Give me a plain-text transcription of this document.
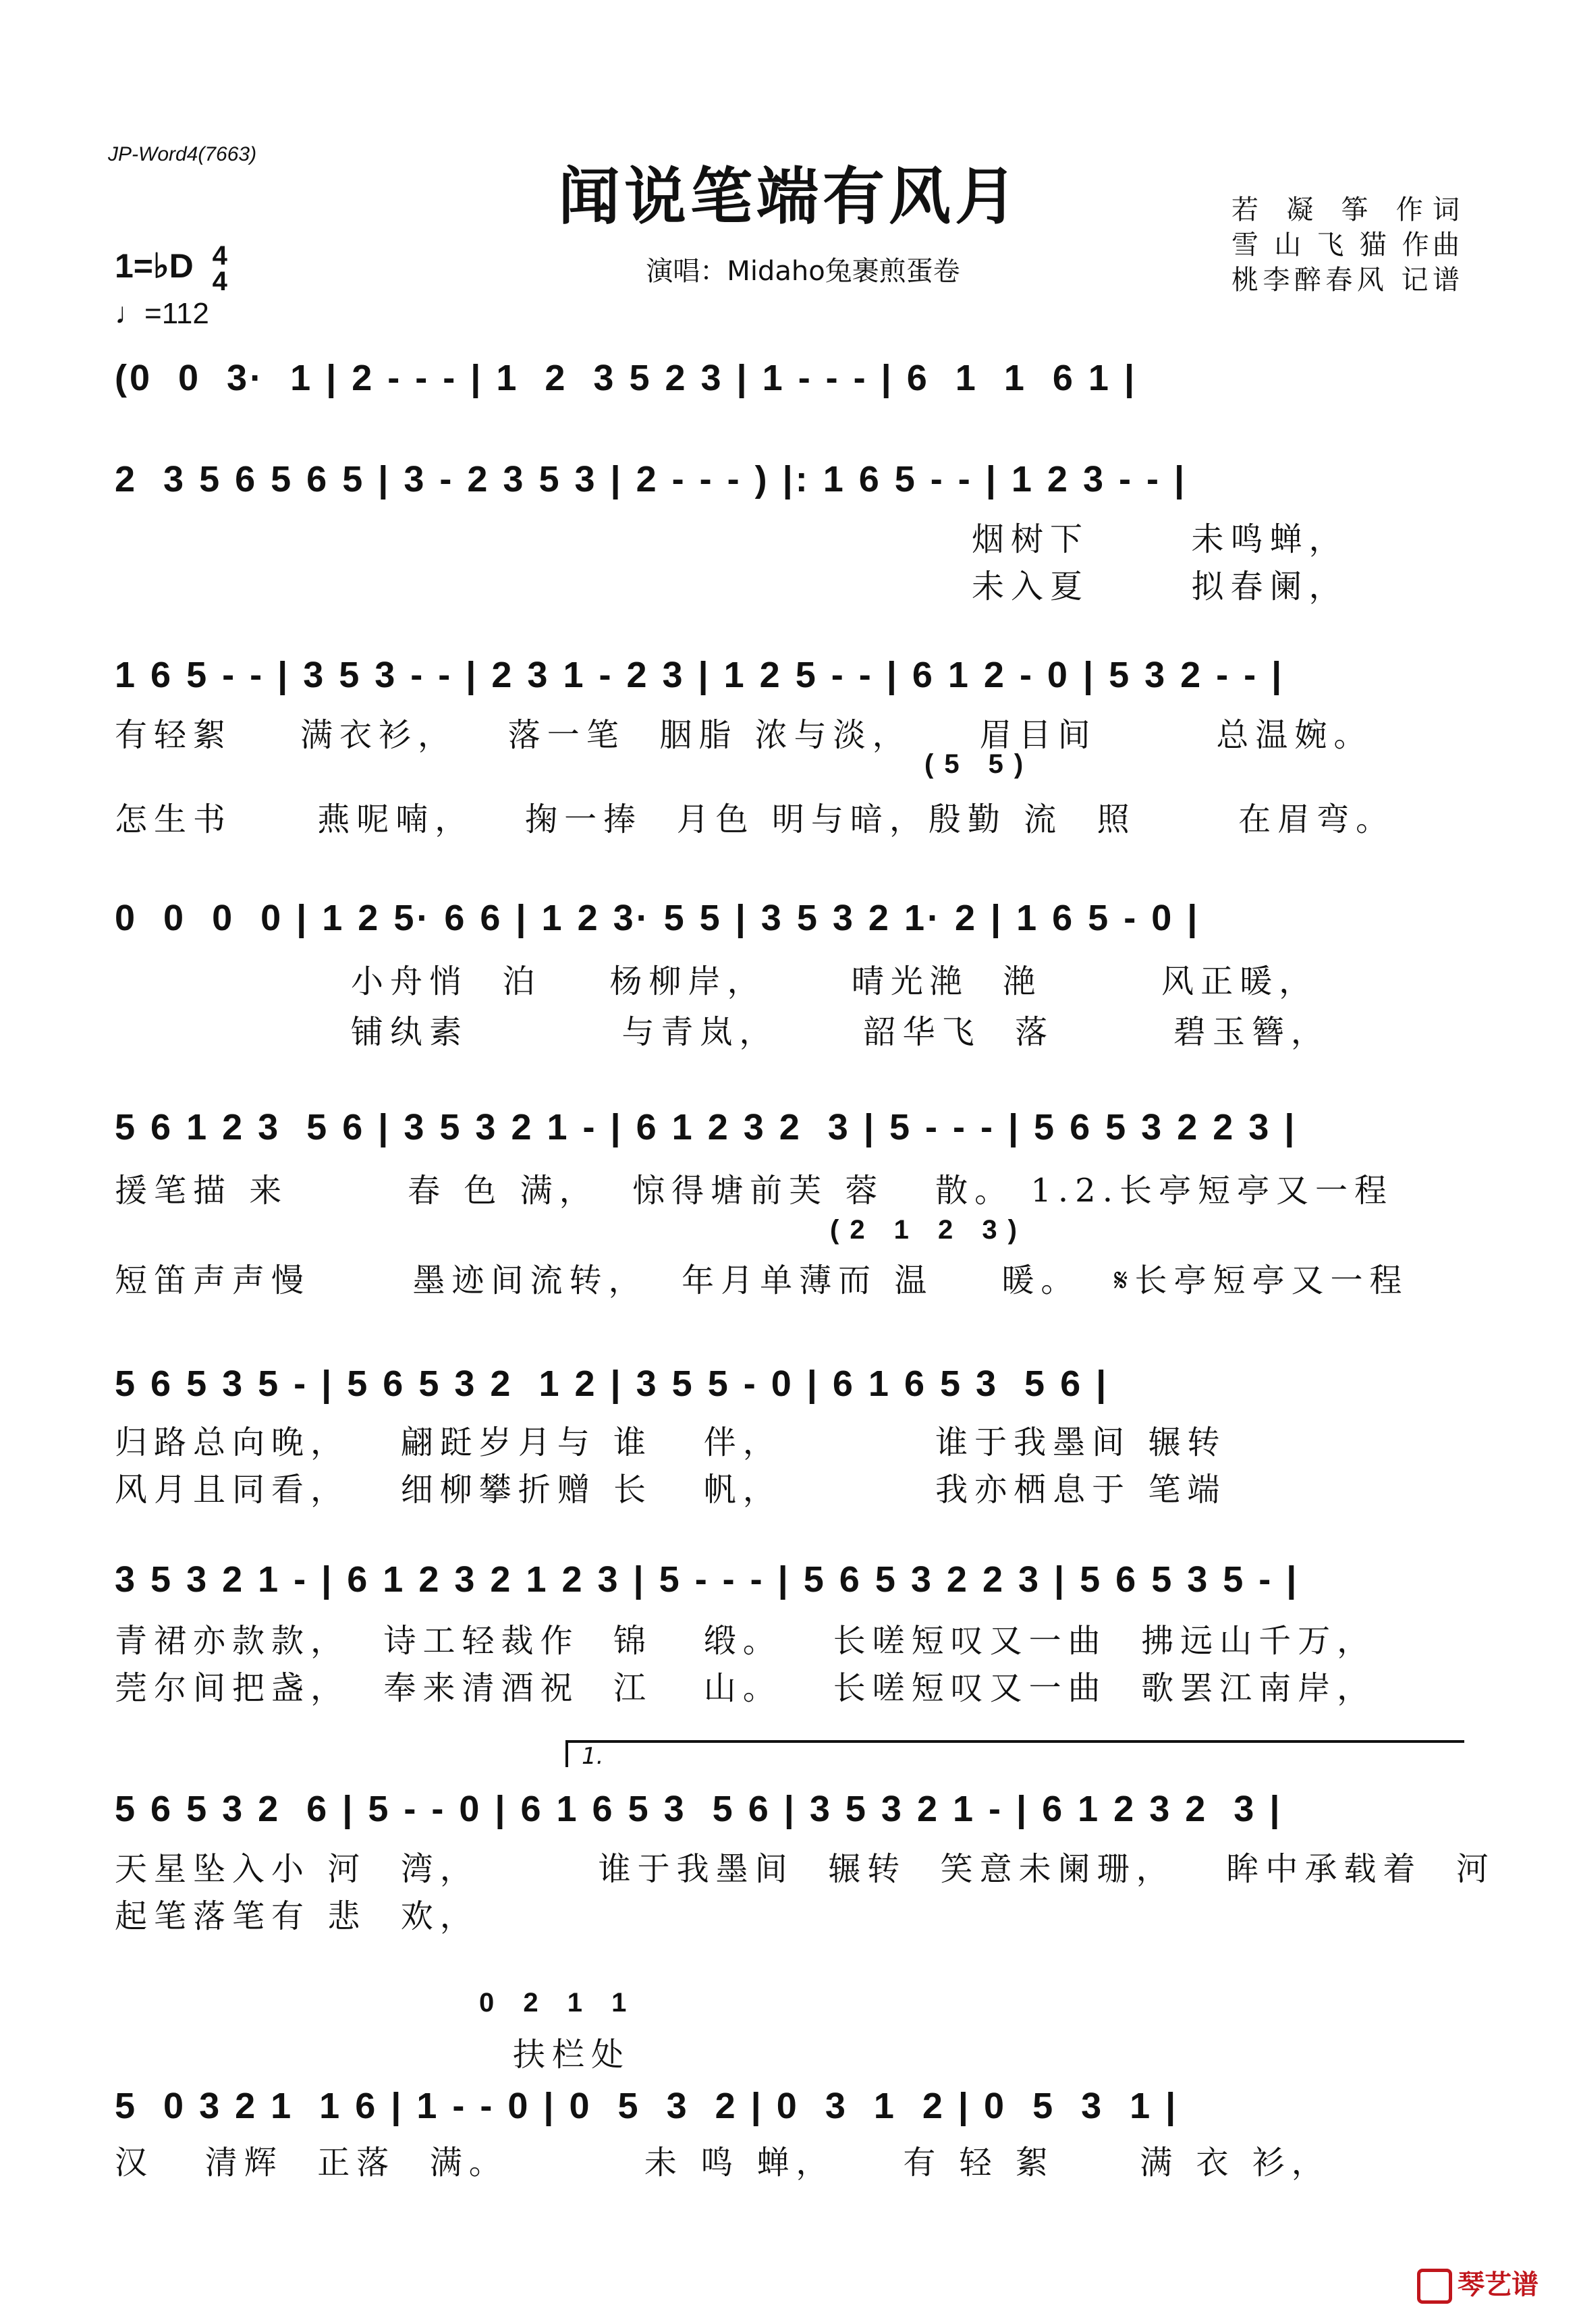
JP-Word4(7663)
闻说笔端有风月
演唱：Midaho兔裹煎蛋卷
若 凝 筝 作词
雪 山 飞 猫 作曲
桃李醉春风 记谱
1=♭D 4
4
♩=112
(0  0  3·  1 | 2 - - - | 1  2  3 5 2 3 | 1 - - - | 6  1  1  6 1 |
2  3 5 6 5 6 5 | 3 - 2 3 5 3 | 2 - - - ) |: 1 6 5 - - | 1 2 3 - - |
烟树下      未鸣蝉，
未入夏      拟春阑，
1 6 5 - - | 3 5 3 - - | 2 3 1 - 2 3 | 1 2 5 - - | 6 1 2 - 0 | 5 3 2 - - |
有轻絮    满衣衫，   落一笔  胭脂 浓与淡，    眉目间       总温婉。
(5 5)
怎生书     燕呢喃，   掬一捧  月色 明与暗，殷勤 流  照      在眉弯。
0  0  0  0 | 1 2 5· 6 6 | 1 2 3· 5 5 | 3 5 3 2 1· 2 | 1 6 5 - 0 |
小舟悄  泊    杨柳岸，     晴光滟  滟       风正暖，
铺纨素         与青岚，     韶华飞  落       碧玉簪，
5 6 1 2 3  5 6 | 3 5 3 2 1 - | 6 1 2 3 2  3 | 5 - - - | 5 6 5 3 2 2 3 |
援笔描 来       春 色 满，  惊得塘前芙 蓉   散。 1.2.长亭短亭又一程
(2 1 2 3)
短笛声声慢      墨迹间流转，  年月单薄而 温    暖。  𝄋长亭短亭又一程
5 6 5 3 5 - | 5 6 5 3 2  1 2 | 3 5 5 - 0 | 6 1 6 5 3  5 6 |
归路总向晚，   翩跹岁月与 谁   伴，         谁于我墨间 辗转
风月且同看，   细柳攀折赠 长   帆，         我亦栖息于 笔端
3 5 3 2 1 - | 6 1 2 3 2 1 2 3 | 5 - - - | 5 6 5 3 2 2 3 | 5 6 5 3 5 - |
青裙亦款款，  诗工轻裁作  锦   缎。   长嗟短叹又一曲  拂远山千万，
莞尔间把盏，  奉来清酒祝  江   山。   长嗟短叹又一曲  歌罢江南岸，
1.
5 6 5 3 2  6 | 5 - - 0 | 6 1 6 5 3  5 6 | 3 5 3 2 1 - | 6 1 2 3 2  3 |
天星坠入小 河  湾，       谁于我墨间  辗转  笑意未阑珊，   眸中承载着  河
起笔落笔有 悲  欢，
0 2 1 1
扶栏处
5  0 3 2 1  1 6 | 1 - - 0 | 0  5  3  2 | 0  3  1  2 | 0  5  3  1 |
汉   清辉  正落  满。        未 鸣 蝉，    有 轻 絮     满 衣 衫，
琴艺谱
